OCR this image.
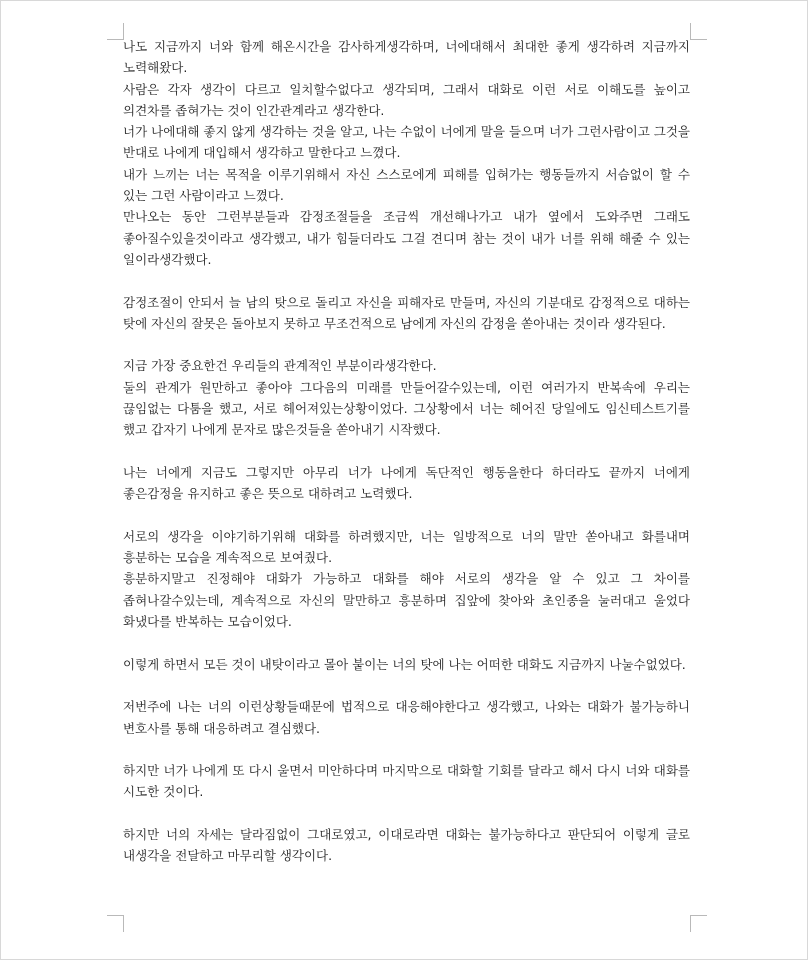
나도 지금까지 너와 함께 해온시간을 감사하게생각하며, 너에대해서 최대한 좋게 생각하려 지금까지 노력해왔다.

사람은 각자 생각이 다르고 일치할수없다고 생각되며, 그래서 대화로 이런 서로 이해도를 높이고 의견차를 좁혀가는 것이 인간관계라고 생각한다.

너가 나에대해 좋지 않게 생각하는 것을 알고, 나는 수없이 너에게 말을 들으며 너가 그런사람이고 그것을 반대로 나에게 대입해서 생각하고 말한다고 느꼈다.

내가 느끼는 너는 목적을 이루기위해서 자신 스스로에게 피해를 입혀가는 행동들까지 서슴없이 할 수 있는 그런 사람이라고 느꼈다.

만나오는 동안 그런부분들과 감정조절들을 조금씩 개선해나가고 내가 옆에서 도와주면 그래도 좋아질수있을것이라고 생각했고, 내가 힘들더라도 그걸 견디며 참는 것이 내가 너를 위해 해줄 수 있는 일이라생각했다.

감정조절이 안되서 늘 남의 탓으로 돌리고 자신을 피해자로 만들며, 자신의 기분대로 감정적으로 대하는 탓에 자신의 잘못은 돌아보지 못하고 무조건적으로 남에게 자신의 감정을 쏟아내는 것이라 생각된다.

지금 가장 중요한건 우리들의 관계적인 부분이라생각한다.

둘의 관계가 원만하고 좋아야 그다음의 미래를 만들어갈수있는데, 이런 여러가지 반복속에 우리는 끊임없는 다툼을 했고, 서로 헤어져있는상황이었다. 그상황에서 너는 헤어진 당일에도 임신테스트기를 했고 갑자기 나에게 문자로 많은것들을 쏟아내기 시작했다.

나는 너에게 지금도 그렇지만 아무리 너가 나에게 독단적인 행동을한다 하더라도 끝까지 너에게 좋은감정을 유지하고 좋은 뜻으로 대하려고 노력했다.

서로의 생각을 이야기하기위해 대화를 하려했지만, 너는 일방적으로 너의 말만 쏟아내고 화를내며 흥분하는 모습을 계속적으로 보여줬다.

흥분하지말고 진정해야 대화가 가능하고 대화를 해야 서로의 생각을 알 수 있고 그 차이를 좁혀나갈수있는데, 계속적으로 자신의 말만하고 흥분하며 집앞에 찾아와 초인종을 눌러대고 울었다 화냈다를 반복하는 모습이었다.

이렇게 하면서 모든 것이 내탓이라고 몰아 붙이는 너의 탓에 나는 어떠한 대화도 지금까지 나눌수없었다.

저번주에 나는 너의 이런상황들때문에 법적으로 대응해야한다고 생각했고, 나와는 대화가 불가능하니 변호사를 통해 대응하려고 결심했다.

하지만 너가 나에게 또 다시 울면서 미안하다며 마지막으로 대화할 기회를 달라고 해서 다시 너와 대화를 시도한 것이다.

하지만 너의 자세는 달라짐없이 그대로였고, 이대로라면 대화는 불가능하다고 판단되어 이렇게 글로 내생각을 전달하고 마무리할 생각이다.
